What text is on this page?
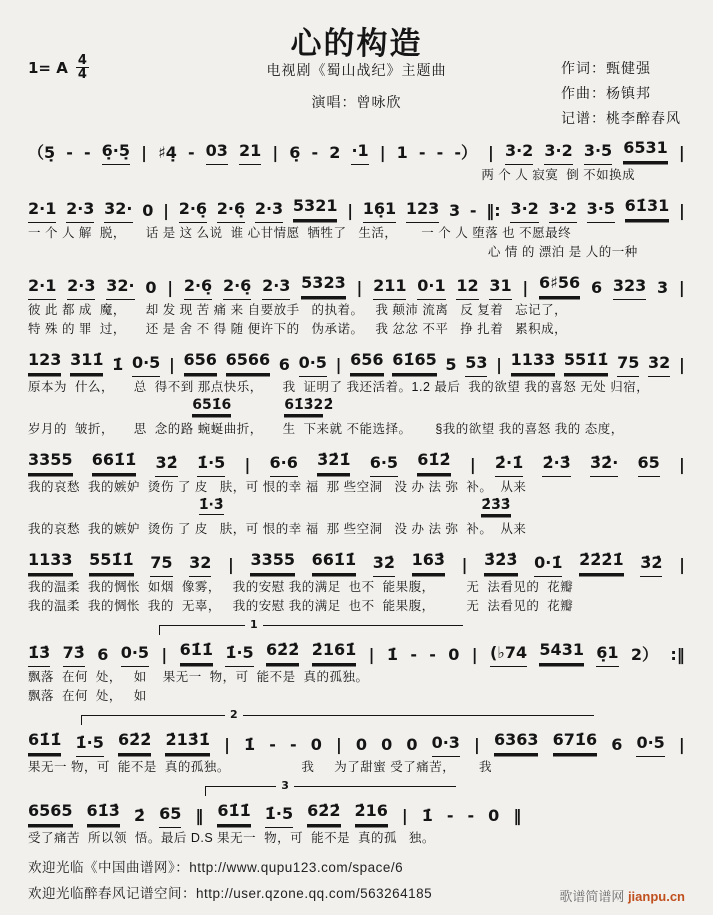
心的构造
1= A 4
4	电视剧《蜀山战纪》主题曲
演唱：曾咏欣
作词：甄健强
作曲：杨镇邦
记谱：桃李醉春风
（5̣ - - 6̣·5̣ | ♯4̣ - 03 21 | 6̣ - 2 ·1 | 1 - - -） | 3·2 3·2 3·5 6531 |
两 个 人 寂寞  倒 不如换成
2·1 2·3 32· 0 | 2·6̣ 2·6̣ 2·3 5321 | 16̣1 123 3 - ‖: 3·2 3·2 3·5 61̇31 |
一 个 人 解  脱，     话 是 这 么说  谁 心甘情愿  牺牲了   生活，      一 个 人 堕落 也 不愿最终
心 情 的 漂泊 是 人的一种
2·1 2·3 32· 0 | 2·6̣ 2·6̣ 2·3 5323 | 211 0·1 12 31 | 6♯56 6 323 3 |
彼 此 都 成  魔，     却 发 现 苦 痛 来 自要放手   的执着。   我 颠沛 流离   反 复着   忘记了，
特 殊 的 罪  过，     还 是 舍 不 得 随 便许下的   伪承诺。   我 忿忿 不平   挣 扎着   累积成，
123 311̇ 1̇ 0·5 | 656 6566 6 0·5 | 656 61̇65 5 53 | 1133 551̇1̇ 75 32 |
原本为  什么，     总  得不到 那点快乐，     我  证明了 我还活着。1.2 最后  我的欲望 我的喜怒 无处 归宿，
651̇6	61̇3̇2 2̇
岁月的  皱折，     思  念的路 蜿蜒曲折，     生  下来就 不能选择。      §我的欲望 我的喜怒 我的 态度，
3355 661̇1̇ 32̇ 1̇·5 | 6·6 3̇2̇1̇ 6·5 61̇2̇ | 2̇·1̇ 2̇·3̇ 3̇2̇· 65 |
我的哀愁  我的嫉妒  烫伤 了 皮   肤，可 恨的幸 福  那 些空洞   没 办 法 弥  补。  从来
1̇·3̇	2̇3̇3̇
我的哀愁  我的嫉妒  烫伤 了 皮   肤，可 恨的幸 福  那 些空洞   没 办 法 弥  补。  从来
1133 551̇1̇ 75 32 | 3355 661̇1̇ 32̇ 163̇ | 3̇2̇3̇ 0·1̇ 2̇2̇2̇1̇ 3̇2̇ |
我的温柔  我的惆怅  如烟  像雾，   我的安慰 我的满足  也不  能果腹，        无  法看见的  花瓣
我的温柔  我的惆怅  我的  无辜，   我的安慰 我的满足  也不  能果腹，        无  法看见的  花瓣
1
1̇3̇ 73̇ 6 0·5 | 61̇1̇ 1̇·5 62̇2̇ 2̇161̇ | 1̇ - - 0 | (♭74 5431 6̣1 2） :‖
飘落  在何  处，   如    果无一  物，可  能不是  真的孤独。
飘落  在何  处，   如
2
61̇1̇ 1̇·5 62̇2̇ 2̇13̇1̇ | 1̇ - - 0 | 0 0 0 0·3 | 6363 671̇6 6 0·5 |
果无一 物，可  能不是  真的孤独。                  我     为了甜蜜 受了痛苦，      我
3
6565 61̇3̇ 2̇ 65 ‖ 61̇1̇ 1̇·5 62̇2̇ 2̇16 | 1̇ - - 0 ‖
受了痛苦  所以领  悟。最后 D.S 果无一  物，可  能不是  真的孤   独。
欢迎光临《中国曲谱网》：http://www.qupu123.com/space/6
欢迎光临醉春风记谱空间：http://user.qzone.qq.com/563264185	歌谱简谱网 jianpu.cn
